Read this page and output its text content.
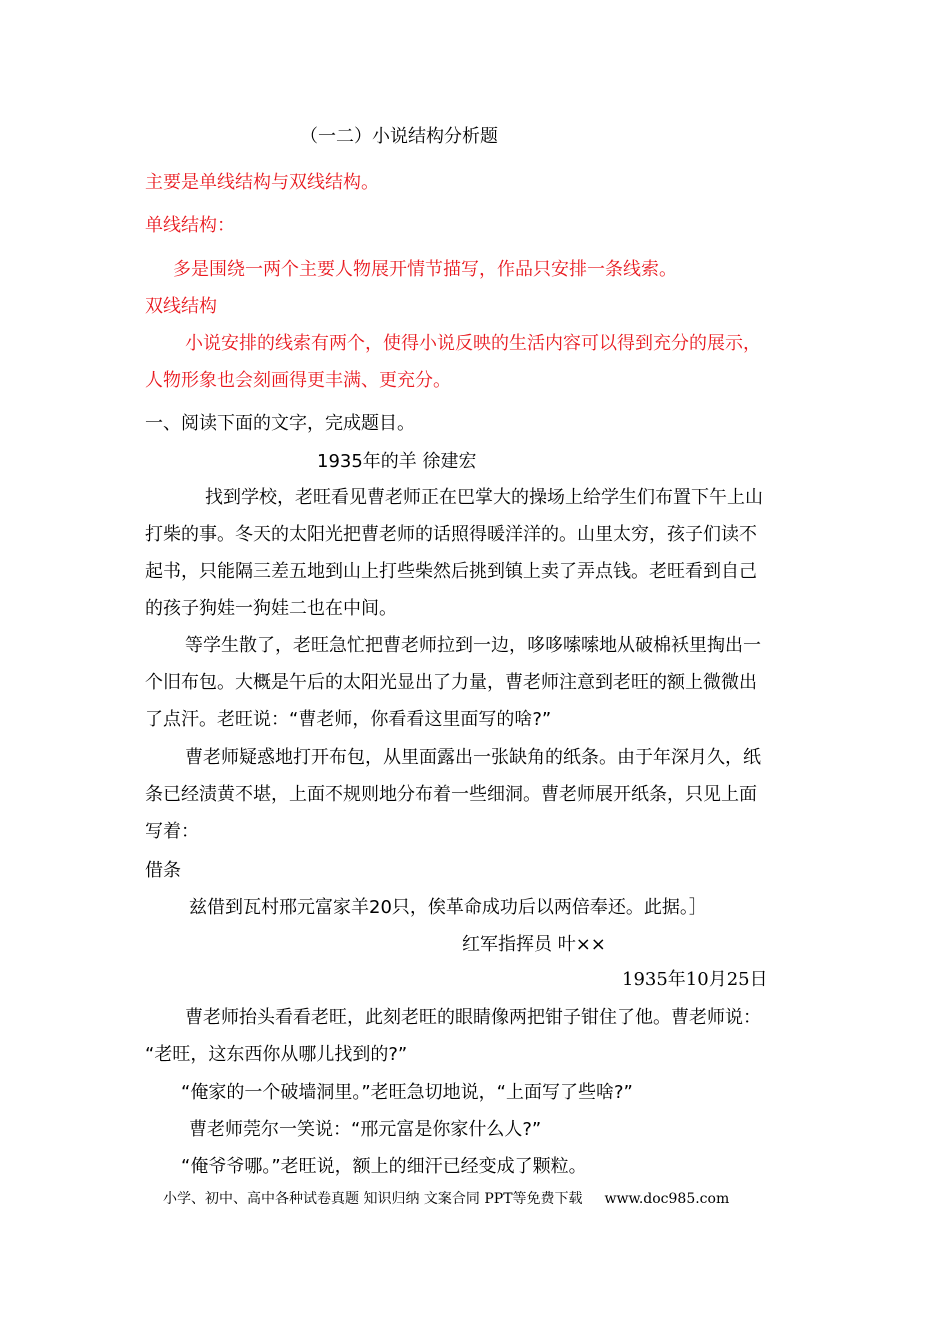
（一二）小说结构分析题
主要是单线结构与双线结构。
单线结构：
多是围绕一两个主要人物展开情节描写，作品只安排一条线索。
双线结构
小说安排的线索有两个，使得小说反映的生活内容可以得到充分的展示，
人物形象也会刻画得更丰满、更充分。
一、阅读下面的文字，完成题目。
1935年的羊 徐建宏
找到学校，老旺看见曹老师正在巴掌大的操场上给学生们布置下午上山
打柴的事。冬天的太阳光把曹老师的话照得暖洋洋的。山里太穷，孩子们读不
起书，只能隔三差五地到山上打些柴然后挑到镇上卖了弄点钱。老旺看到自己
的孩子狗娃一狗娃二也在中间。
等学生散了，老旺急忙把曹老师拉到一边，哆哆嗦嗦地从破棉袄里掏出一
个旧布包。大概是午后的太阳光显出了力量，曹老师注意到老旺的额上微微出
了点汗。老旺说：“曹老师，你看看这里面写的啥?”
曹老师疑惑地打开布包，从里面露出一张缺角的纸条。由于年深月久，纸
条已经渍黄不堪，上面不规则地分布着一些细洞。曹老师展开纸条，只见上面
写着：
借条
兹借到瓦村邢元富家羊20只，俟革命成功后以两倍奉还。此据。］
红军指挥员 叶××
1935年10月25日
曹老师抬头看看老旺，此刻老旺的眼睛像两把钳子钳住了他。曹老师说：
“老旺，这东西你从哪儿找到的?”
“俺家的一个破墙洞里。”老旺急切地说，“上面写了些啥?”
曹老师莞尔一笑说：“邢元富是你家什么人?”
“俺爷爷哪。”老旺说，额上的细汗已经变成了颗粒。
小学、初中、高中各种试卷真题 知识归纳 文案合同 PPT等免费下载 www.doc985.com
